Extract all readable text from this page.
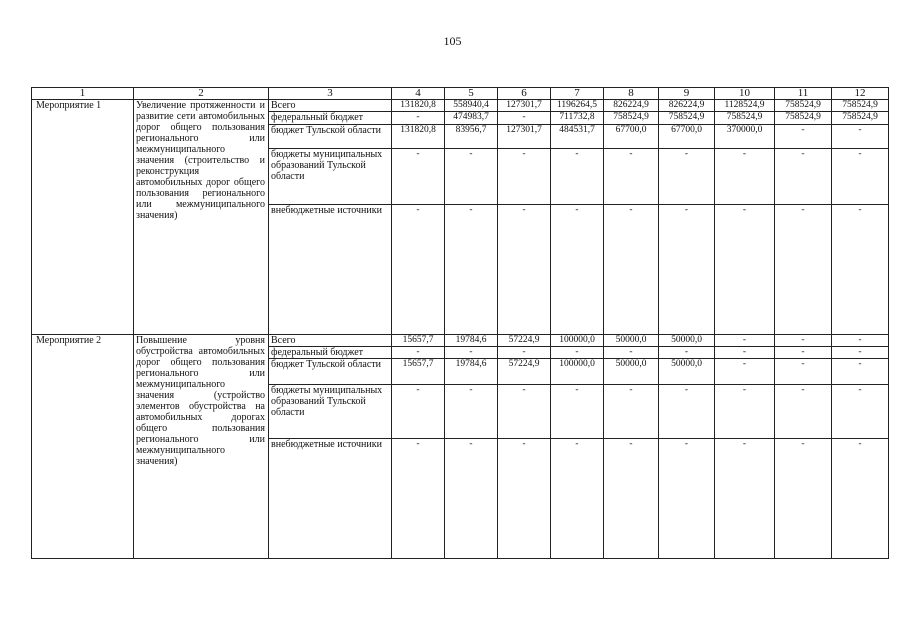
105
1	2	3	4	5	6	7	8	9	10	11	12
Мероприятие 1	Увеличение протяженности и развитие сети автомобильных дорог общего пользования регионального или межмуниципального значения (строительство и реконструкция автомобильных дорог общего пользования регионального или межмуниципального значения)	Всего	131820,8	558940,4	127301,7	1196264,5	826224,9	826224,9	1128524,9	758524,9	758524,9
		федеральный бюджет	-	474983,7	-	711732,8	758524,9	758524,9	758524,9	758524,9	758524,9
		бюджет Тульской области	131820,8	83956,7	127301,7	484531,7	67700,0	67700,0	370000,0	-	-
		бюджеты муниципальных образований Тульской области	-	-	-	-	-	-	-	-	-
		внебюджетные источники	-	-	-	-	-	-	-	-	-
Мероприятие 2	Повышение уровня обустройства автомобильных дорог общего пользования регионального или межмуниципального значения (устройство элементов обустройства на автомобильных дорогах общего пользования регионального или межмуниципального значения)	Всего	15657,7	19784,6	57224,9	100000,0	50000,0	50000,0	-	-	-
		федеральный бюджет	-	-	-	-	-	-	-	-	-
		бюджет Тульской области	15657,7	19784,6	57224,9	100000,0	50000,0	50000,0	-	-	-
		бюджеты муниципальных образований Тульской области	-	-	-	-	-	-	-	-	-
		внебюджетные источники	-	-	-	-	-	-	-	-	-
